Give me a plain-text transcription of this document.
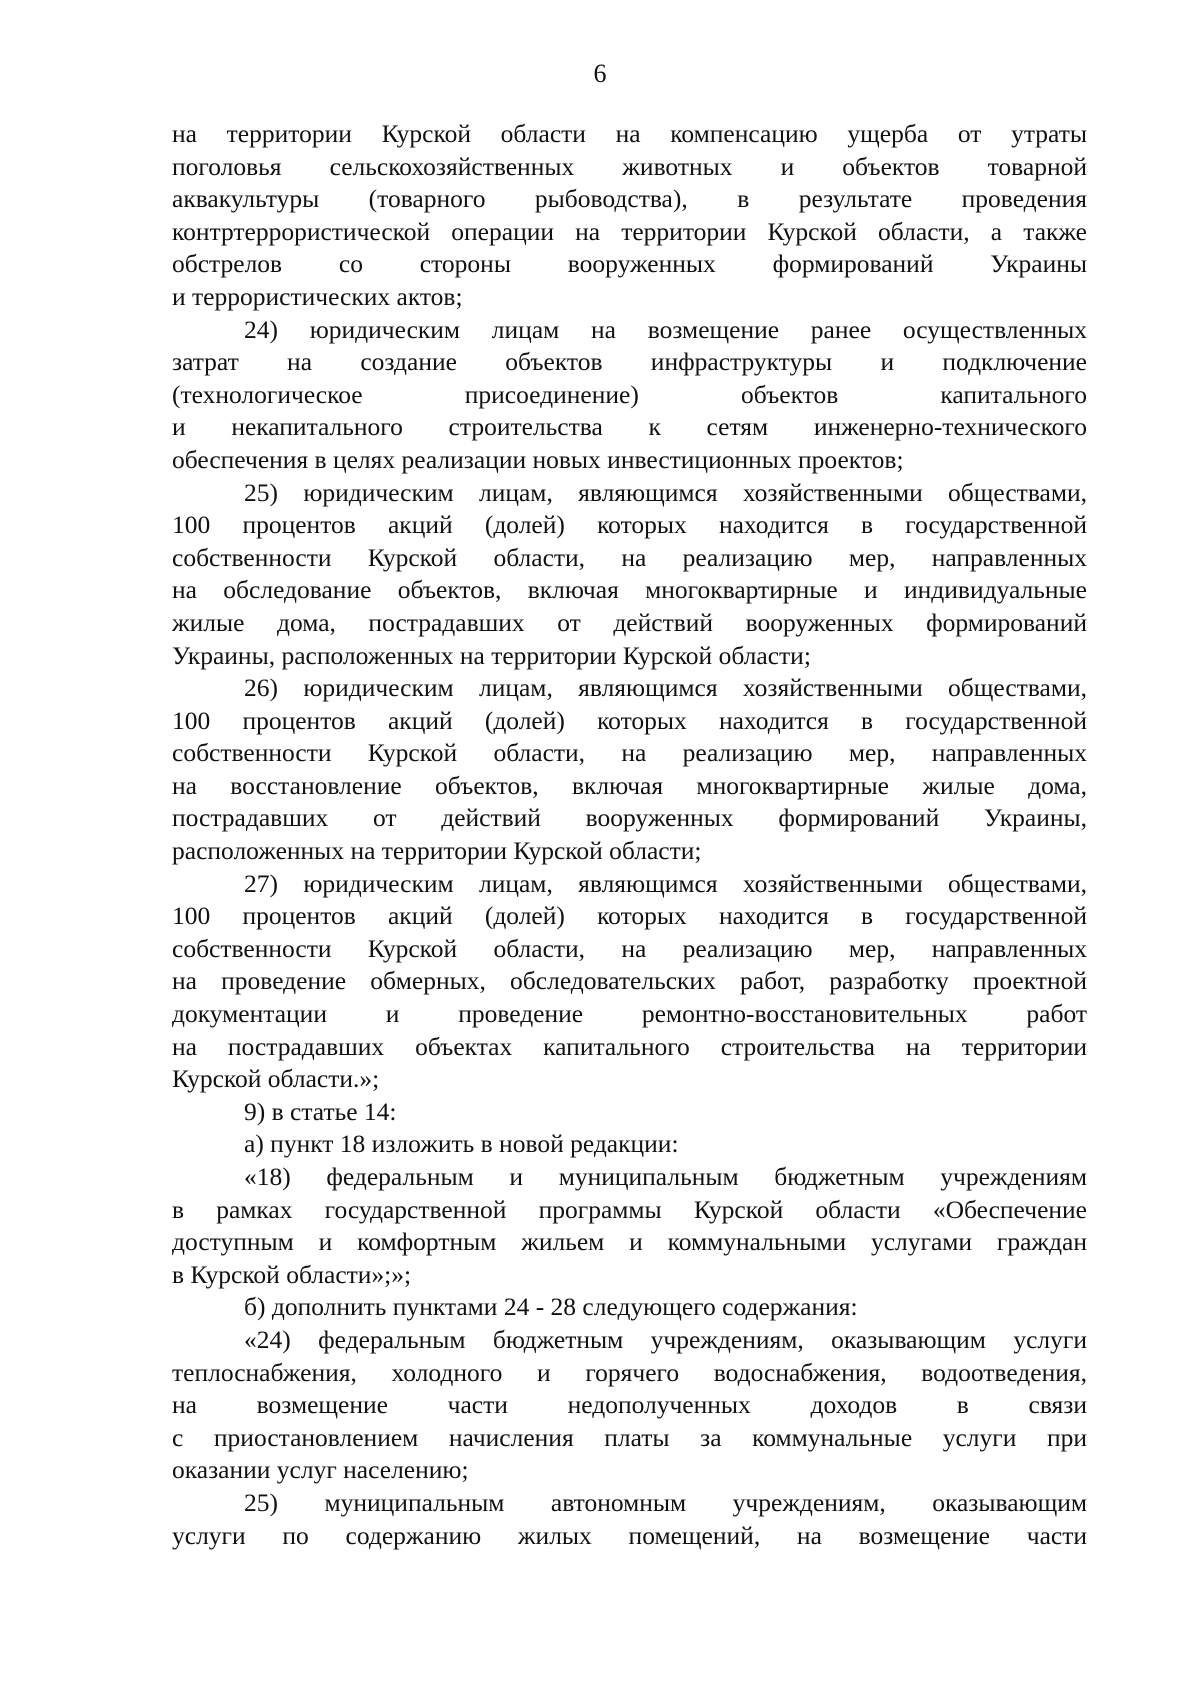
6
на территории Курской области на компенсацию ущерба от утраты
поголовья сельскохозяйственных животных и объектов товарной
аквакультуры (товарного рыбоводства), в результате проведения
контртеррористической операции на территории Курской области, а также
обстрелов со стороны вооруженных формирований Украины
и террористических актов;
24) юридическим лицам на возмещение ранее осуществленных
затрат на создание объектов инфраструктуры и подключение
(технологическое присоединение) объектов капитального
и некапитального строительства к сетям инженерно-технического
обеспечения в целях реализации новых инвестиционных проектов;
25) юридическим лицам, являющимся хозяйственными обществами,
100 процентов акций (долей) которых находится в государственной
собственности Курской области, на реализацию мер, направленных
на обследование объектов, включая многоквартирные и индивидуальные
жилые дома, пострадавших от действий вооруженных формирований
Украины, расположенных на территории Курской области;
26) юридическим лицам, являющимся хозяйственными обществами,
100 процентов акций (долей) которых находится в государственной
собственности Курской области, на реализацию мер, направленных
на восстановление объектов, включая многоквартирные жилые дома,
пострадавших от действий вооруженных формирований Украины,
расположенных на территории Курской области;
27) юридическим лицам, являющимся хозяйственными обществами,
100 процентов акций (долей) которых находится в государственной
собственности Курской области, на реализацию мер, направленных
на проведение обмерных, обследовательских работ, разработку проектной
документации и проведение ремонтно-восстановительных работ
на пострадавших объектах капитального строительства на территории
Курской области.»;
9) в статье 14:
а) пункт 18 изложить в новой редакции:
«18) федеральным и муниципальным бюджетным учреждениям
в рамках государственной программы Курской области «Обеспечение
доступным и комфортным жильем и коммунальными услугами граждан
в Курской области»;»;
б) дополнить пунктами 24 - 28 следующего содержания:
«24) федеральным бюджетным учреждениям, оказывающим услуги
теплоснабжения, холодного и горячего водоснабжения, водоотведения,
на возмещение части недополученных доходов в связи
с приостановлением начисления платы за коммунальные услуги при
оказании услуг населению;
25) муниципальным автономным учреждениям, оказывающим
услуги по содержанию жилых помещений, на возмещение части
